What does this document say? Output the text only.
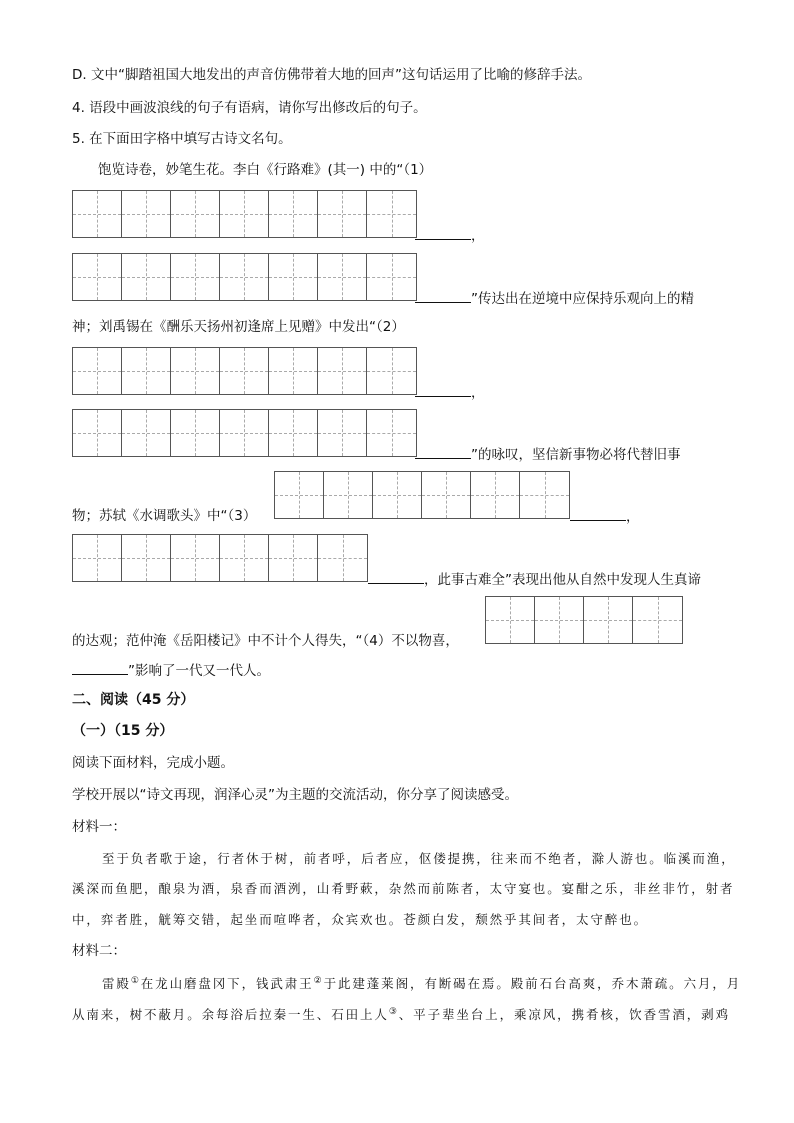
D. 文中“脚踏祖国大地发出的声音仿佛带着大地的回声”这句话运用了比喻的修辞手法。
4. 语段中画波浪线的句子有语病，请你写出修改后的句子。
5. 在下面田字格中填写古诗文名句。
饱览诗卷，妙笔生花。李白《行路难》(其一) 中的“（1）
，
”传达出在逆境中应保持乐观向上的精
神；刘禹锡在《酬乐天扬州初逢席上见赠》中发出“（2）
，
”的咏叹，坚信新事物必将代替旧事
物；苏轼《水调歌头》中“（3）	，
，此事古难全”表现出他从自然中发现人生真谛
的达观；范仲淹《岳阳楼记》中不计个人得失，“（4）不以物喜，
”影响了一代又一代人。
二、阅读（45 分）
（一）（15 分）
阅读下面材料，完成小题。
学校开展以“诗文再现，润泽心灵”为主题的交流活动，你分享了阅读感受。
材料一：
至于负者歌于途，行者休于树，前者呼，后者应，伛偻提携，往来而不绝者，滁人游也。临溪而渔，
溪深而鱼肥，酿泉为酒，泉香而酒洌，山肴野蔌，杂然而前陈者，太守宴也。宴酣之乐，非丝非竹，射者
中，弈者胜，觥筹交错，起坐而喧哗者，众宾欢也。苍颜白发，颓然乎其间者，太守醉也。
材料二：
雷殿①在龙山磨盘冈下，钱武肃王②于此建蓬莱阁，有断碣在焉。殿前石台高爽，乔木萧疏。六月，月
从南来，树不蔽月。余每浴后拉秦一生、石田上人③、平子辈坐台上，乘凉风，携肴核，饮香雪酒，剥鸡
